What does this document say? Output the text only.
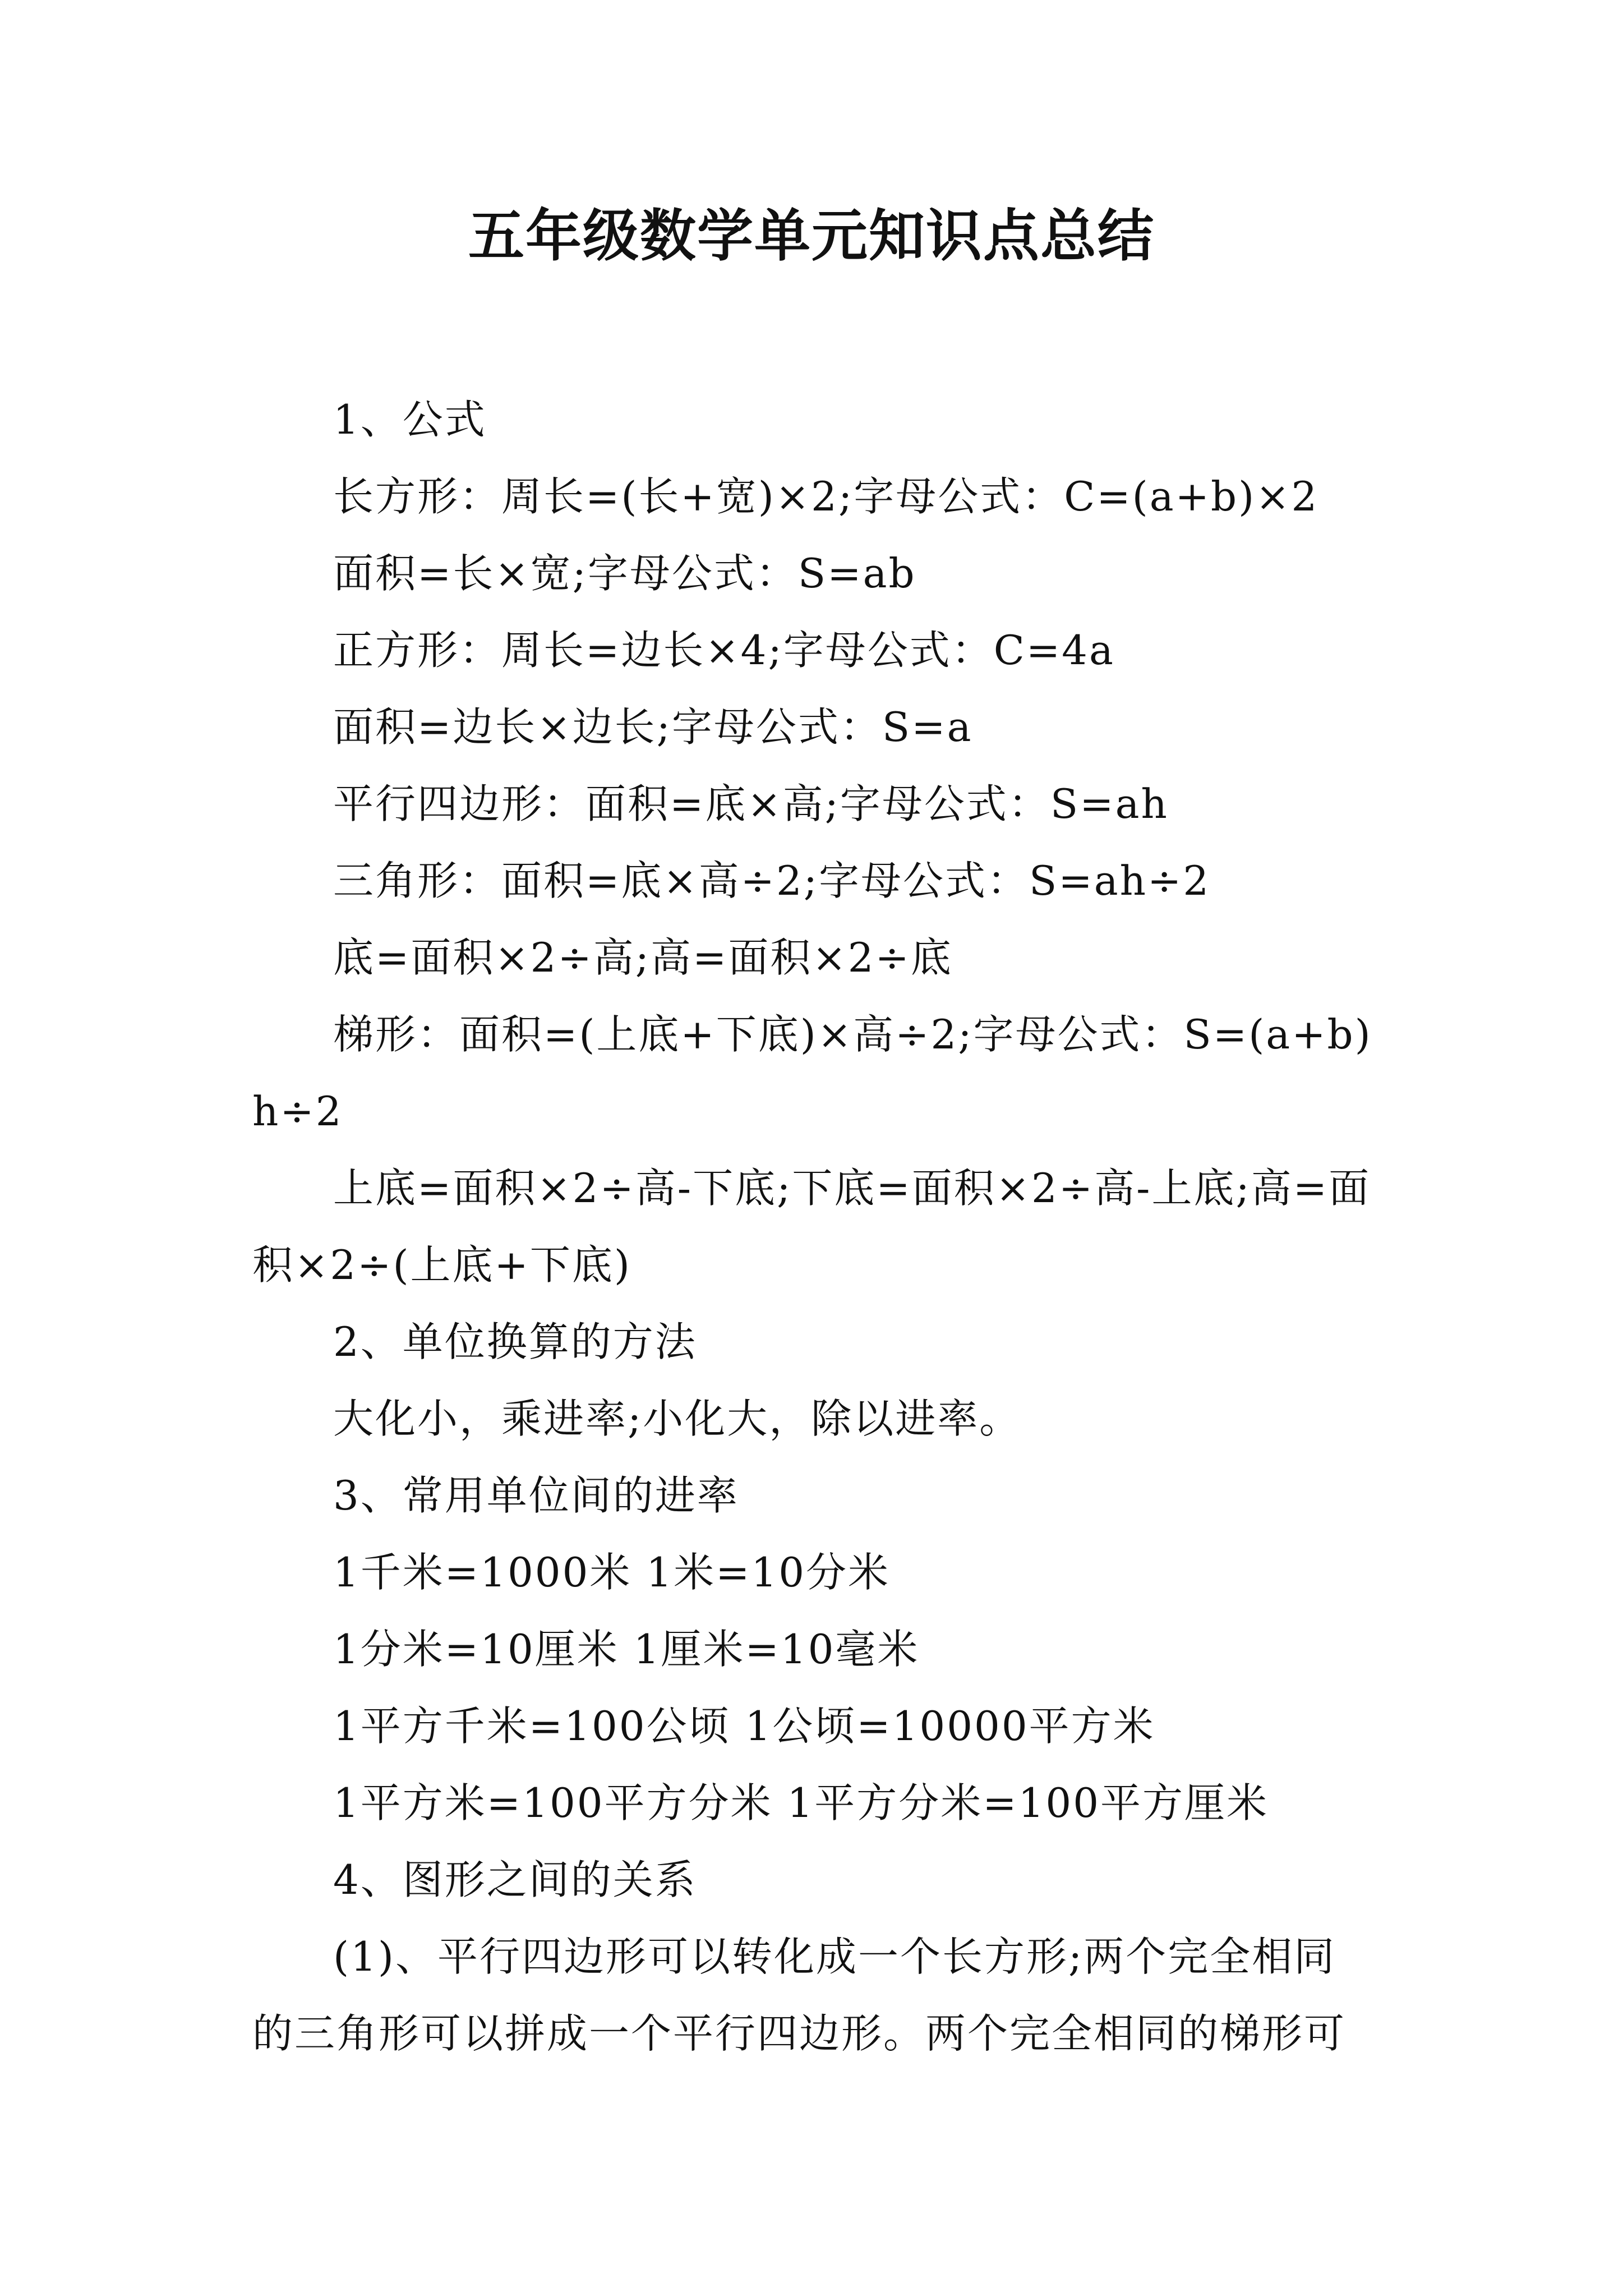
五年级数学单元知识点总结

1、公式

长方形：周长=(长+宽)×2;字母公式：C=(a+b)×2

面积=长×宽;字母公式：S=ab

正方形：周长=边长×4;字母公式：C=4a

面积=边长×边长;字母公式：S=a

平行四边形：面积=底×高;字母公式：S=ah

三角形：面积=底×高÷2;字母公式：S=ah÷2

底=面积×2÷高;高=面积×2÷底

梯形：面积=(上底+下底)×高÷2;字母公式：S=(a+b)h÷2

上底=面积×2÷高-下底;下底=面积×2÷高-上底;高=面积×2÷(上底+下底)

2、单位换算的方法

大化小，乘进率;小化大，除以进率。

3、常用单位间的进率

1千米=1000米 1米=10分米

1分米=10厘米 1厘米=10毫米

1平方千米=100公顷 1公顷=10000平方米

1平方米=100平方分米 1平方分米=100平方厘米

4、图形之间的关系

(1)、平行四边形可以转化成一个长方形;两个完全相同的三角形可以拼成一个平行四边形。两个完全相同的梯形可
